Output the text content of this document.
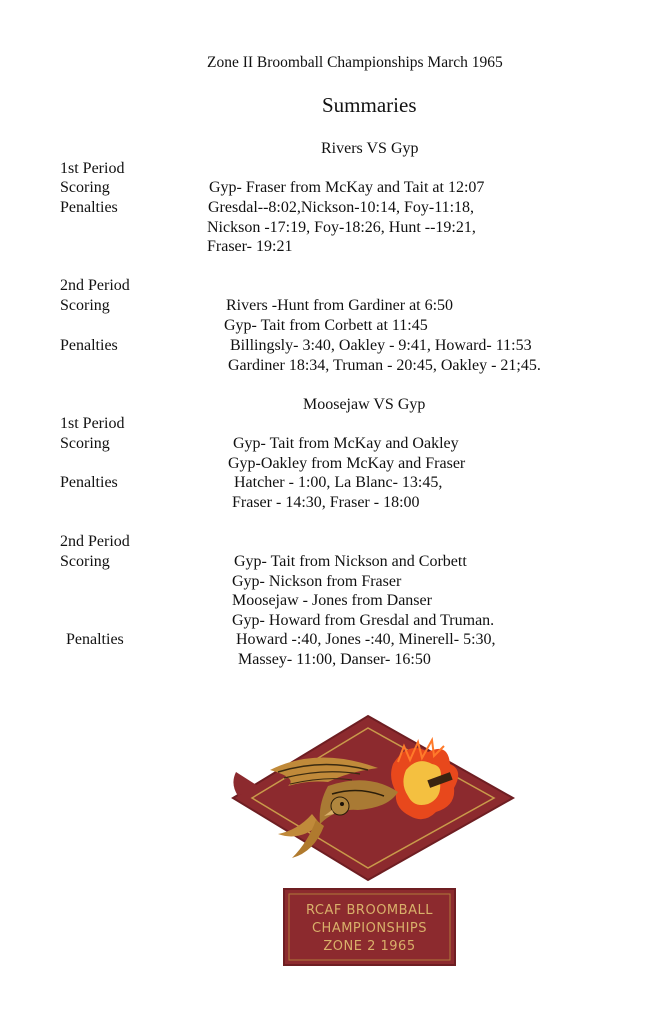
Zone II Broomball Championships March 1965
Summaries
Rivers VS Gyp
1st Period
Scoring	Gyp- Fraser from McKay and Tait at 12:07
Penalties	Gresdal--8:02,Nickson-10:14, Foy-11:18,
Nickson -17:19, Foy-18:26, Hunt --19:21,
Fraser- 19:21
2nd Period
Scoring	Rivers -Hunt from Gardiner at 6:50
Gyp- Tait from Corbett at 11:45
Penalties	Billingsly- 3:40, Oakley - 9:41, Howard- 11:53
Gardiner 18:34, Truman - 20:45, Oakley - 21;45.
Moosejaw VS Gyp
1st Period
Scoring	Gyp- Tait from McKay and Oakley
Gyp-Oakley from McKay and Fraser
Penalties	Hatcher - 1:00, La Blanc- 13:45,
Fraser - 14:30, Fraser - 18:00
2nd Period
Scoring	Gyp- Tait from Nickson and Corbett
Gyp- Nickson from Fraser
Moosejaw - Jones from Danser
Gyp- Howard from Gresdal and Truman.
Penalties	Howard -:40, Jones -:40, Minerell- 5:30,
Massey- 11:00, Danser- 16:50
RCAF BROOMBALL
CHAMPIONSHIPS
ZONE 2 1965
